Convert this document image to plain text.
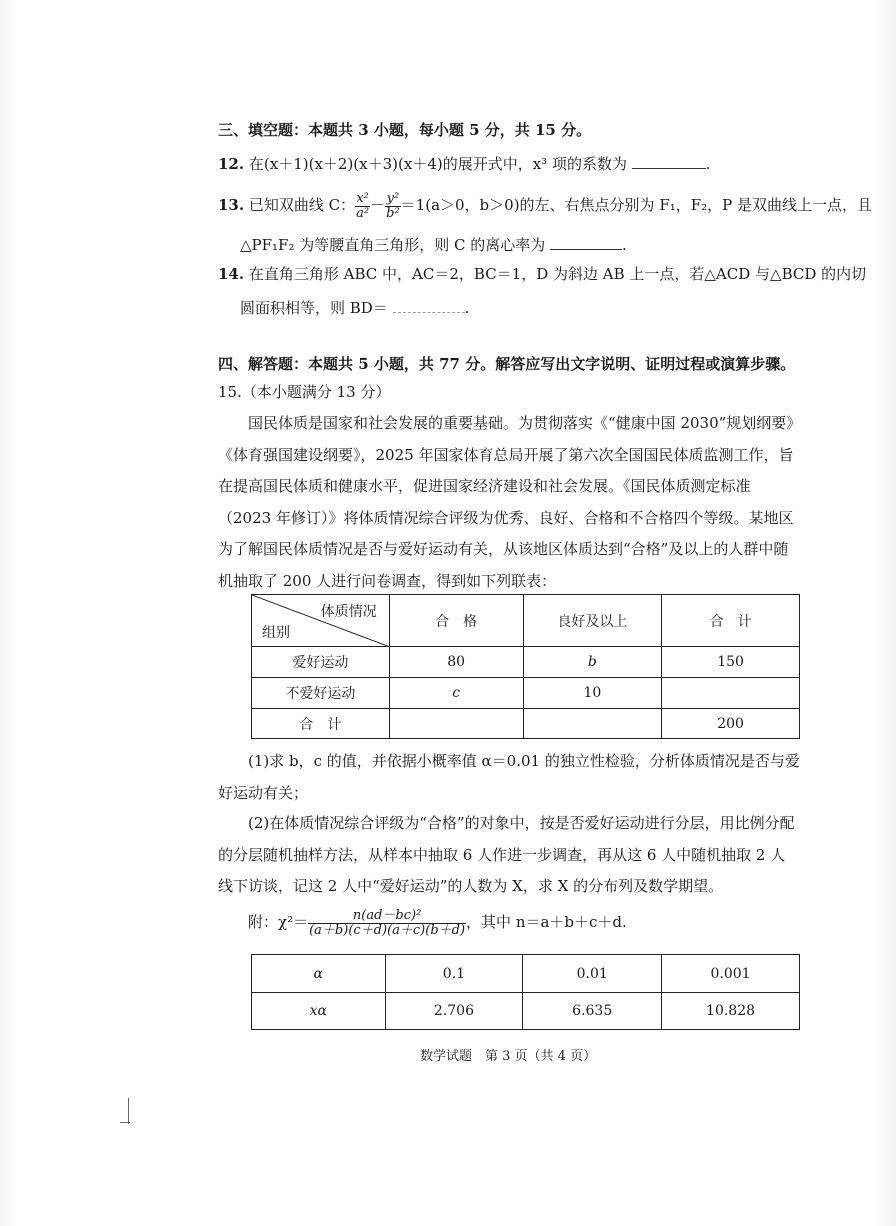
三、填空题：本题共 3 小题，每小题 5 分，共 15 分。
12. 在(x＋1)(x＋2)(x＋3)(x＋4)的展开式中，x³ 项的系数为	.
13. 已知双曲线 C： $\frac{\text{x²}}{\text{a²}} - \frac{\text{y²}}{\text{b²}} =1(a>0$，b＞0)的左、右焦点分别为 F₁，F₂，P 是双曲线上一点，且
△PF₁F₂ 为等腰直角三角形，则 C 的离心率为	.
14. 在直角三角形 ABC 中，AC＝2，BC＝1，D 为斜边 AB 上一点，若△ACD 与△BCD 的内切
圆面积相等，则 BD＝	.
四、解答题：本题共 5 小题，共 77 分。解答应写出文字说明、证明过程或演算步骤。
15.（本小题满分 13 分）
国民体质是国家和社会发展的重要基础。为贯彻落实《“健康中国 2030”规划纲要》《体育强国建设纲要》，2025 年国家体育总局开展了第六次全国国民体质监测工作，旨在提高国民体质和健康水平，促进国家经济建设和社会发展。《国民体质测定标准（2023 年修订）》将体质情况综合评级为优秀、良好、合格和不合格四个等级。某地区为了解国民体质情况是否与爱好运动有关，从该地区体质达到“合格”及以上的人群中随机抽取了 200 人进行问卷调查，得到如下列联表：
体质情况
组别	合　格	良好及以上	合　计
爱好运动	80	b	150
不爱好运动	c	10	
合　计			200
(1)求 b，c 的值，并依据小概率值 α＝0.01 的独立性检验，分析体质情况是否与爱好运动有关；
(2)在体质情况综合评级为“合格”的对象中，按是否爱好运动进行分层，用比例分配的分层随机抽样方法，从样本中抽取 6 人作进一步调查，再从这 6 人中随机抽取 2 人线下访谈，记这 2 人中“爱好运动”的人数为 X，求 X 的分布列及数学期望。
附：$\chi^2= \frac{\text{n(ad－bc)²}}{(a+b)(c+d)(a+c)(b+d)}$ ，其中 n＝a＋b＋c＋d.
α	0.1	0.01	0.001
xα	2.706	6.635	10.828
数学试题　第 3 页（共 4 页）
